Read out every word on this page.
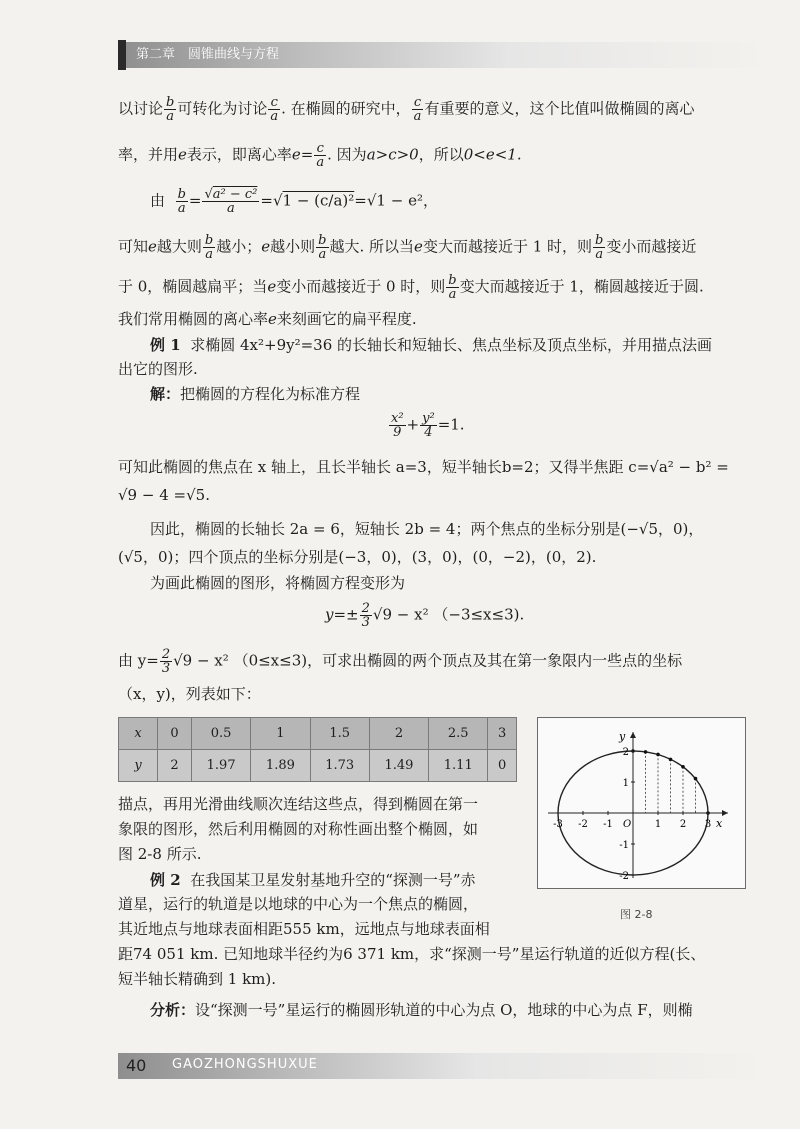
第二章　圆锥曲线与方程
以讨论 $\frac{b}{a}$ 可转化为讨论 $\frac{c}{a}$ . 在椭圆的研究中， $\frac{c}{a}$ 有重要的意义，这个比值叫做椭圆的离心
率，并用e表示，即离心率$e= \frac{c}{a}$ . 因为a>c>0，所以0<e<1.
由 $\frac{b}{a} = \frac{\text{√a² − c²}}{a} =√1 - (c/a)^2=√1 - e^2$，
可知e越大则 $\frac{b}{a}$ 越小；e越小则 $\frac{b}{a}$ 越大. 所以当e变大而越接近于 1 时，则 $\frac{b}{a}$ 变小而越接近
于 0，椭圆越扁平；当e变小而越接近于 0 时，则 $\frac{b}{a}$ 变大而越接近于 1，椭圆越接近于圆.
我们常用椭圆的离心率e来刻画它的扁平程度.
例 1 求椭圆 4x²+9y²=36 的长轴长和短轴长、焦点坐标及顶点坐标，并用描点法画
出它的图形.
解：把椭圆的方程化为标准方程
$\frac{\text{x²}}{9} + \frac{\text{y²}}{4} =1$.
可知此椭圆的焦点在 x 轴上，且长半轴长 a=3，短半轴长b=2；又得半焦距 c=√a² − b² =
√9 − 4 =√5.
因此，椭圆的长轴长 2a = 6，短轴长 2b = 4；两个焦点的坐标分别是(−√5，0)，
(√5，0)；四个顶点的坐标分别是(−3，0)，(3，0)，(0，−2)，(0，2).
为画此椭圆的图形，将椭圆方程变形为
$y=\pm \frac{2}{3} √9 - x^2$ （−3≤x≤3).
由 $y= \frac{2}{3} √9 - x^2$ （0≤x≤3)，可求出椭圆的两个顶点及其在第一象限内一些点的坐标
（x，y)，列表如下：
x	0	0.5	1	1.5	2	2.5	3
y	2	1.97	1.89	1.73	1.49	1.11	0
描点，再用光滑曲线顺次连结这些点，得到椭圆在第一
象限的图形，然后利用椭圆的对称性画出整个椭圆，如
图 2-8 所示.
-3 -2 -1	1 2 3
2
1
-1
-2
x
y
O
图 2-8
例 2 在我国某卫星发射基地升空的“探测一号”赤
道星，运行的轨道是以地球的中心为一个焦点的椭圆，
其近地点与地球表面相距555 km，远地点与地球表面相
距74 051 km. 已知地球半径约为6 371 km，求“探测一号”星运行轨道的近似方程(长、
短半轴长精确到 1 km).
分析：设“探测一号”星运行的椭圆形轨道的中心为点 O，地球的中心为点 F，则椭
40 GAOZHONGSHUXUE
